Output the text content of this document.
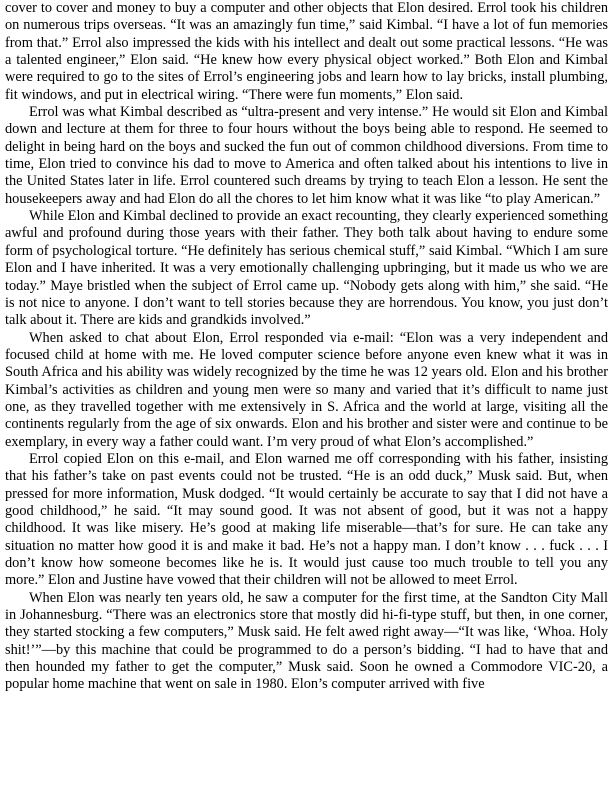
cover to cover and money to buy a computer and other objects that Elon desired. Errol took his children on numerous trips overseas. “It was an amazingly fun time,” said Kimbal. “I have a lot of fun memories from that.” Errol also impressed the kids with his intellect and dealt out some practical lessons. “He was a talented engineer,” Elon said. “He knew how every physical object worked.” Both Elon and Kimbal were required to go to the sites of Errol’s engineering jobs and learn how to lay bricks, install plumbing, fit windows, and put in electrical wiring. “There were fun moments,” Elon said.

Errol was what Kimbal described as “ultra-present and very intense.” He would sit Elon and Kimbal down and lecture at them for three to four hours without the boys being able to respond. He seemed to delight in being hard on the boys and sucked the fun out of common childhood diversions. From time to time, Elon tried to convince his dad to move to America and often talked about his intentions to live in the United States later in life. Errol countered such dreams by trying to teach Elon a lesson. He sent the housekeepers away and had Elon do all the chores to let him know what it was like “to play American.”

While Elon and Kimbal declined to provide an exact recounting, they clearly experienced something awful and profound during those years with their father. They both talk about having to endure some form of psychological torture. “He definitely has serious chemical stuff,” said Kimbal. “Which I am sure Elon and I have inherited. It was a very emotionally challenging upbringing, but it made us who we are today.” Maye bristled when the subject of Errol came up. “Nobody gets along with him,” she said. “He is not nice to anyone. I don’t want to tell stories because they are horrendous. You know, you just don’t talk about it. There are kids and grandkids involved.”

When asked to chat about Elon, Errol responded via e-mail: “Elon was a very independent and focused child at home with me. He loved computer science before anyone even knew what it was in South Africa and his ability was widely recognized by the time he was 12 years old. Elon and his brother Kimbal’s activities as children and young men were so many and varied that it’s difficult to name just one, as they travelled together with me extensively in S. Africa and the world at large, visiting all the continents regularly from the age of six onwards. Elon and his brother and sister were and continue to be exemplary, in every way a father could want. I’m very proud of what Elon’s accomplished.”

Errol copied Elon on this e-mail, and Elon warned me off corresponding with his father, insisting that his father’s take on past events could not be trusted. “He is an odd duck,” Musk said. But, when pressed for more information, Musk dodged. “It would certainly be accurate to say that I did not have a good childhood,” he said. “It may sound good. It was not absent of good, but it was not a happy childhood. It was like misery. He’s good at making life miserable—that’s for sure. He can take any situation no matter how good it is and make it bad. He’s not a happy man. I don’t know . . . fuck . . . I don’t know how someone becomes like he is. It would just cause too much trouble to tell you any more.” Elon and Justine have vowed that their children will not be allowed to meet Errol.

When Elon was nearly ten years old, he saw a computer for the first time, at the Sandton City Mall in Johannesburg. “There was an electronics store that mostly did hi-fi-type stuff, but then, in one corner, they started stocking a few computers,” Musk said. He felt awed right away—“It was like, ‘Whoa. Holy shit!’”—by this machine that could be programmed to do a person’s bidding. “I had to have that and then hounded my father to get the computer,” Musk said. Soon he owned a Commodore VIC-20, a popular home machine that went on sale in 1980. Elon’s computer arrived with five
